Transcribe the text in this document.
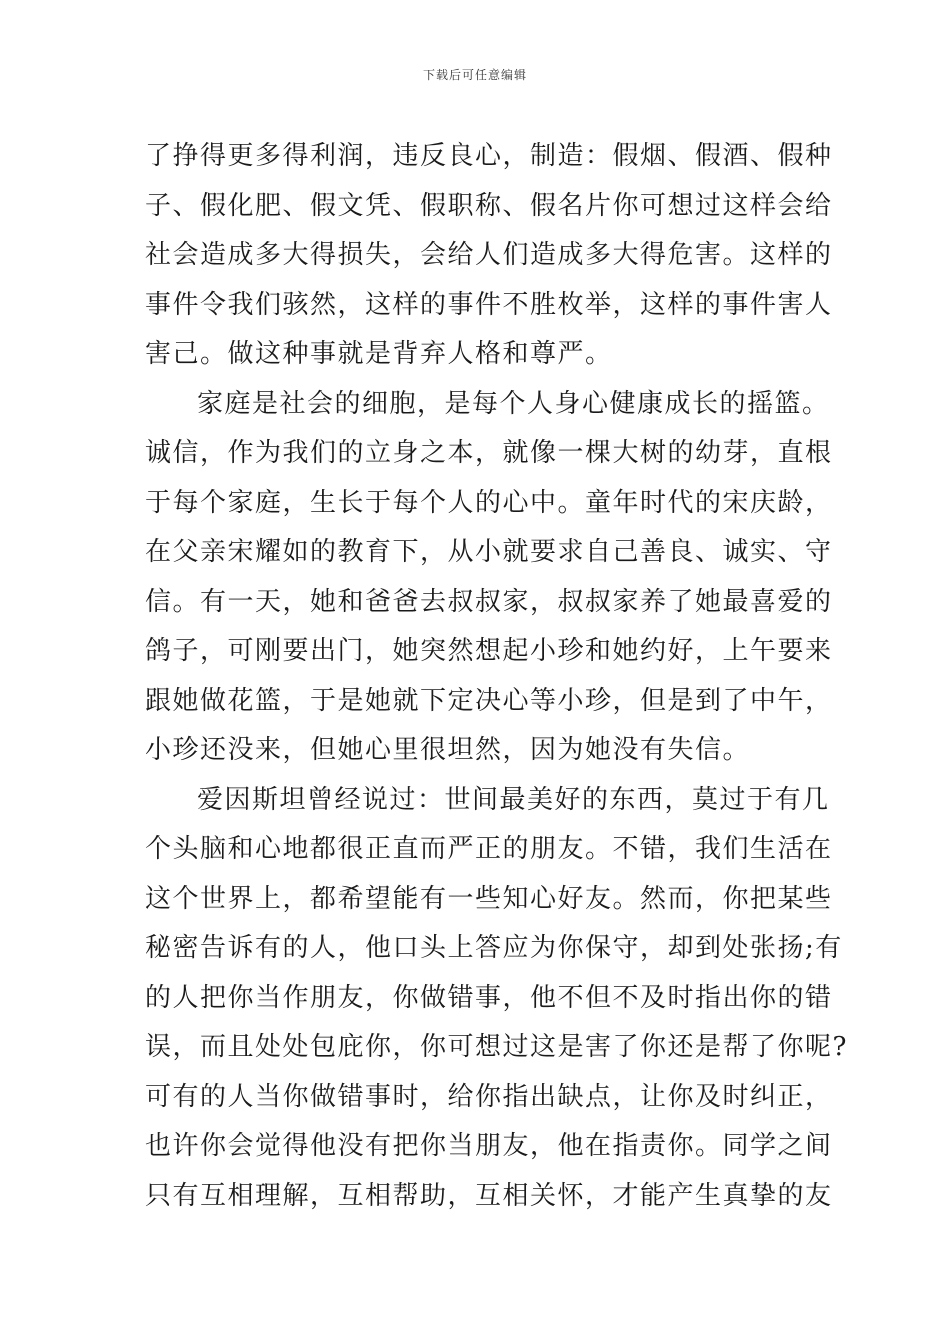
下载后可任意编辑
了挣得更多得利润，违反良心，制造：假烟、假酒、假种
子、假化肥、假文凭、假职称、假名片你可想过这样会给
社会造成多大得损失，会给人们造成多大得危害。这样的
事件令我们骇然，这样的事件不胜枚举，这样的事件害人
害己。做这种事就是背弃人格和尊严。
家庭是社会的细胞，是每个人身心健康成长的摇篮。
诚信，作为我们的立身之本，就像一棵大树的幼芽，直根
于每个家庭，生长于每个人的心中。童年时代的宋庆龄，
在父亲宋耀如的教育下，从小就要求自己善良、诚实、守
信。有一天，她和爸爸去叔叔家，叔叔家养了她最喜爱的
鸽子，可刚要出门，她突然想起小珍和她约好，上午要来
跟她做花篮，于是她就下定决心等小珍，但是到了中午，
小珍还没来，但她心里很坦然，因为她没有失信。
爱因斯坦曾经说过：世间最美好的东西，莫过于有几
个头脑和心地都很正直而严正的朋友。不错，我们生活在
这个世界上，都希望能有一些知心好友。然而，你把某些
秘密告诉有的人，他口头上答应为你保守，却到处张扬;有
的人把你当作朋友，你做错事，他不但不及时指出你的错
误，而且处处包庇你，你可想过这是害了你还是帮了你呢?
可有的人当你做错事时，给你指出缺点，让你及时纠正，
也许你会觉得他没有把你当朋友，他在指责你。同学之间
只有互相理解，互相帮助，互相关怀，才能产生真挚的友
